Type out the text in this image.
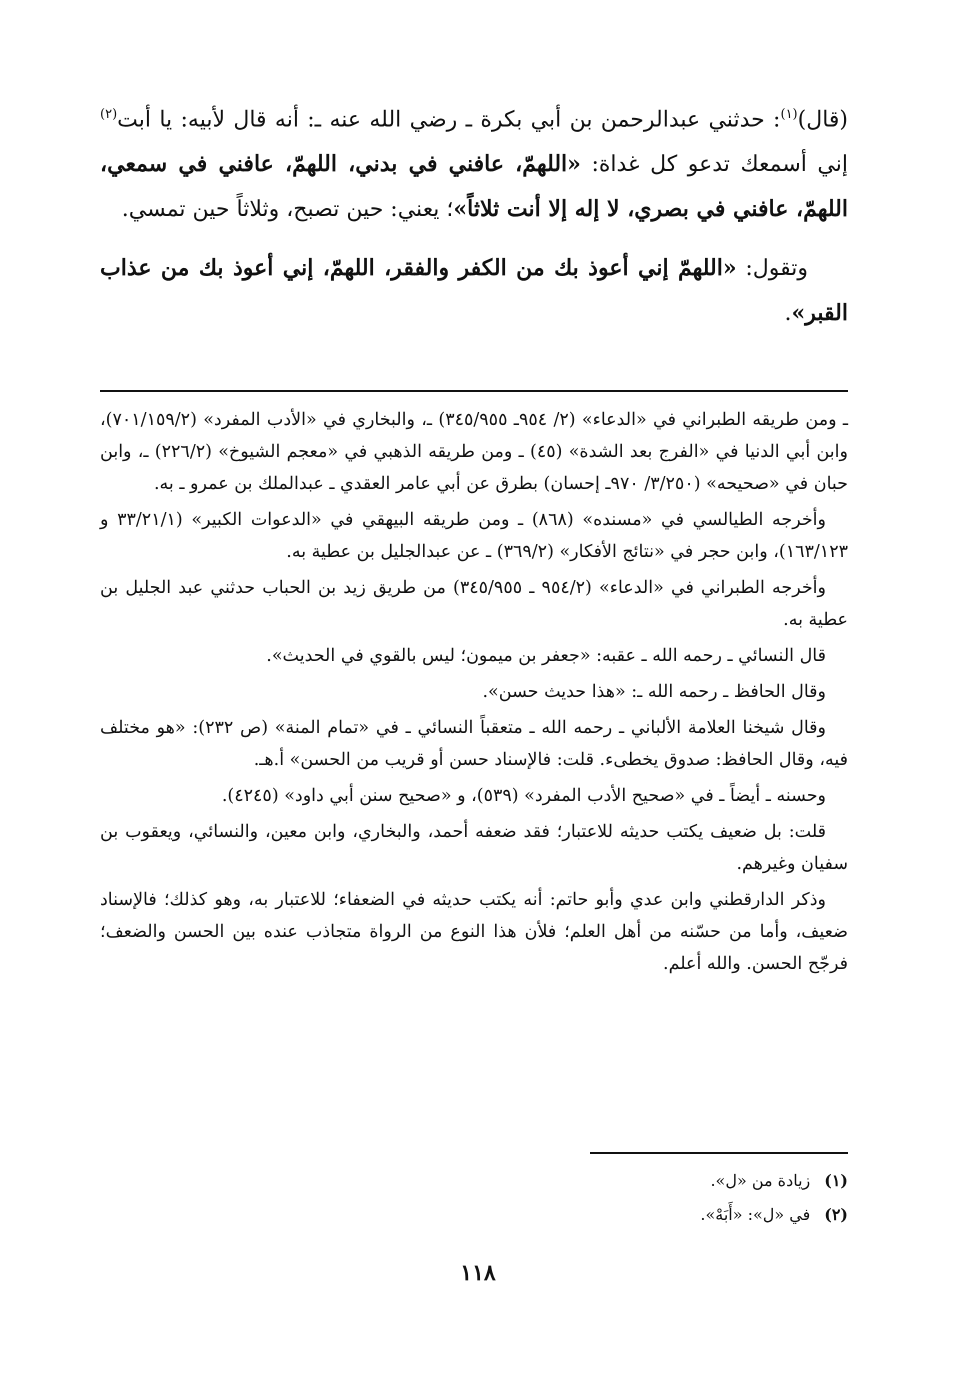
(قال)$^{(١)}$: حدثني عبدالرحمن بن أبي بكرة ـ رضي الله عنه ـ: أنه قال لأبيه: يا أبت$^{(٢)}$ إني أسمعك تدعو كل غداة: «اللهمّ، عافني في بدني، اللهمّ، عافني في سمعي، اللهمّ، عافني في بصري، لا إله إلا أنت ثلاثاً»؛ يعني: حين تصبح، وثلاثاً حين تمسي.

وتقول: «اللهمّ إني أعوذ بك من الكفر والفقر، اللهمّ، إني أعوذ بك من عذاب القبر».

ـ ومن طريقه الطبراني في «الدعاء» (٢/ ٩٥٤ـ ٣٤٥/٩٥٥) ـ، والبخاري في «الأدب المفرد» (٧٠١/١٥٩/٢)، وابن أبي الدنيا في «الفرج بعد الشدة» (٤٥) ـ ومن طريقه الذهبي في «معجم الشيوخ» (٢٢٦/٢) ـ، وابن حبان في «صحيحه» (٣/٢٥٠/ ٩٧٠ـ إحسان) بطرق عن أبي عامر العقدي ـ عبدالملك بن عمرو ـ به.

وأخرجه الطيالسي في «مسنده» (٨٦٨) ـ ومن طريقه البيهقي في «الدعوات الكبير» (٣٣/٢١/١ و ١٦٣/١٢٣)، وابن حجر في «نتائج الأفكار» (٣٦٩/٢) ـ عن عبدالجليل بن عطية به.

وأخرجه الطبراني في «الدعاء» (٩٥٤/٢ ـ ٣٤٥/٩٥٥) من طريق زيد بن الحباب حدثني عبد الجليل بن عطية به.

قال النسائي ـ رحمه الله ـ عقبه: «جعفر بن ميمون؛ ليس بالقوي في الحديث».

وقال الحافظ ـ رحمه الله ـ: «هذا حديث حسن».

وقال شيخنا العلامة الألباني ـ رحمه الله ـ متعقباً النسائي ـ في «تمام المنة» (ص ٢٣٢): «هو مختلف فيه، وقال الحافظ: صدوق يخطىء. قلت: فالإسناد حسن أو قريب من الحسن» أ.هـ.

وحسنه ـ أيضاً ـ في «صحيح الأدب المفرد» (٥٣٩)، و «صحيح سنن أبي داود» (٤٢٤٥).

قلت: بل ضعيف يكتب حديثه للاعتبار؛ فقد ضعفه أحمد، والبخاري، وابن معين، والنسائي، ويعقوب بن سفيان وغيرهم.

وذكر الدارقطني وابن عدي وأبو حاتم: أنه يكتب حديثه في الضعفاء؛ للاعتبار به، وهو كذلك؛ فالإسناد ضعيف، وأما من حسّنه من أهل العلم؛ فلأن هذا النوع من الرواة متجاذب عنده بين الحسن والضعف؛ فرجّح الحسن. والله أعلم.

(١)زيادة من «ل».

(٢)في «ل»: «أَبَهْ».

١١٨
